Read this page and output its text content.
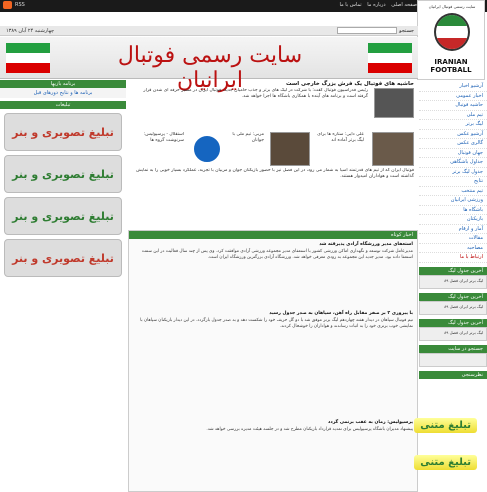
RSS	صفحه اصلی درباره ما تماس با ما	سایت رسمی فوتبال ایرانیان
IRANIAN
FOOTBALL
چهارشنبه ۲۴ آبان ۱۳۸۹	جستجو
سایت رسمی فوتبال ایرانیان	آرشیو اخبار
اخبار عمومی
حاشیه فوتبال
تیم ملی
لیگ برتر
آرشیو عکس
گالری عکس
جهان فوتبال
جداول باشگاهی
جدول لیگ برتر
نتایج
تیم منتخب
ورزشی ایرانیان
باشگاه ها
بازیکنان
آمار و ارقام
مقالات
مصاحبه
ارتباط با ما
آخرین جدول لیگ
لیگ برتر ایران فصل ۸۹
آخرین جدول لیگ
لیگ برتر ایران فصل ۸۹
آخرین جدول لیگ
لیگ برتر ایران فصل ۸۹
جستجو در سایت
نظرسنجی
برنامه بازیها
برنامه ها و نتایج دورهای قبل
تبلیغات
تبلیغ تصویری و بنر
تبلیغ تصویری و بنر
تبلیغ تصویری و بنر
تبلیغ تصویری و بنر
حاشیه های فوتبال یک فرش بزرگ خارجی است
رئیس فدراسیون فوتبال گفت: با شرکت در لیگ های برتر و جذب حامیان جدید، فوتبال ایران در مسیر حرفه ای شدن قرار گرفته است و برنامه های آینده با همکاری باشگاه ها اجرا خواهد شد.
علی دایی: ستاره ها برای لیگ برتر آماده اند
مربی: تیم ملی با جوانان
استقلال - پرسپولیس: سرنوشت گروه ها
فوتبال ایران که از تیم های قدرتمند آسیا به شمار می رود، در این فصل نیز با حضور بازیکنان جوان و مربیان با تجربه، عملکرد بسیار خوبی را به نمایش گذاشته است و هواداران امیدوار هستند.
اخبار کوتاه
استعفای مدیر ورزشگاه آزادی پذیرفته شد
مدیرعامل شرکت توسعه و نگهداری اماکن ورزشی کشور با استعفای مدیر مجموعه ورزشی آزادی موافقت کرد. وی پس از چند سال فعالیت در این سمت استعفا داده بود. مدیر جدید این مجموعه به زودی معرفی خواهد شد. ورزشگاه آزادی بزرگترین ورزشگاه ایران است.
با پیروزی ۲ بر صفر مقابل راه آهن، سپاهان به صدر جدول رسید
تیم فوتبال سپاهان در دیدار هفته چهاردهم لیگ برتر موفق شد با دو گل حریف خود را شکست دهد و به صدر جدول بازگردد. در این دیدار بازیکنان سپاهان با نمایشی خوب برتری خود را به اثبات رساندند و هواداران را خوشحال کردند.
پرسپولیس: زمان به عقب برنمی گردد
پیشنهاد مدیران باشگاه پرسپولیس برای تمدید قرارداد بازیکنان مطرح شد و در جلسه هیئت مدیره بررسی خواهد شد. تبلیغ متنی
تبلیغ متنی
